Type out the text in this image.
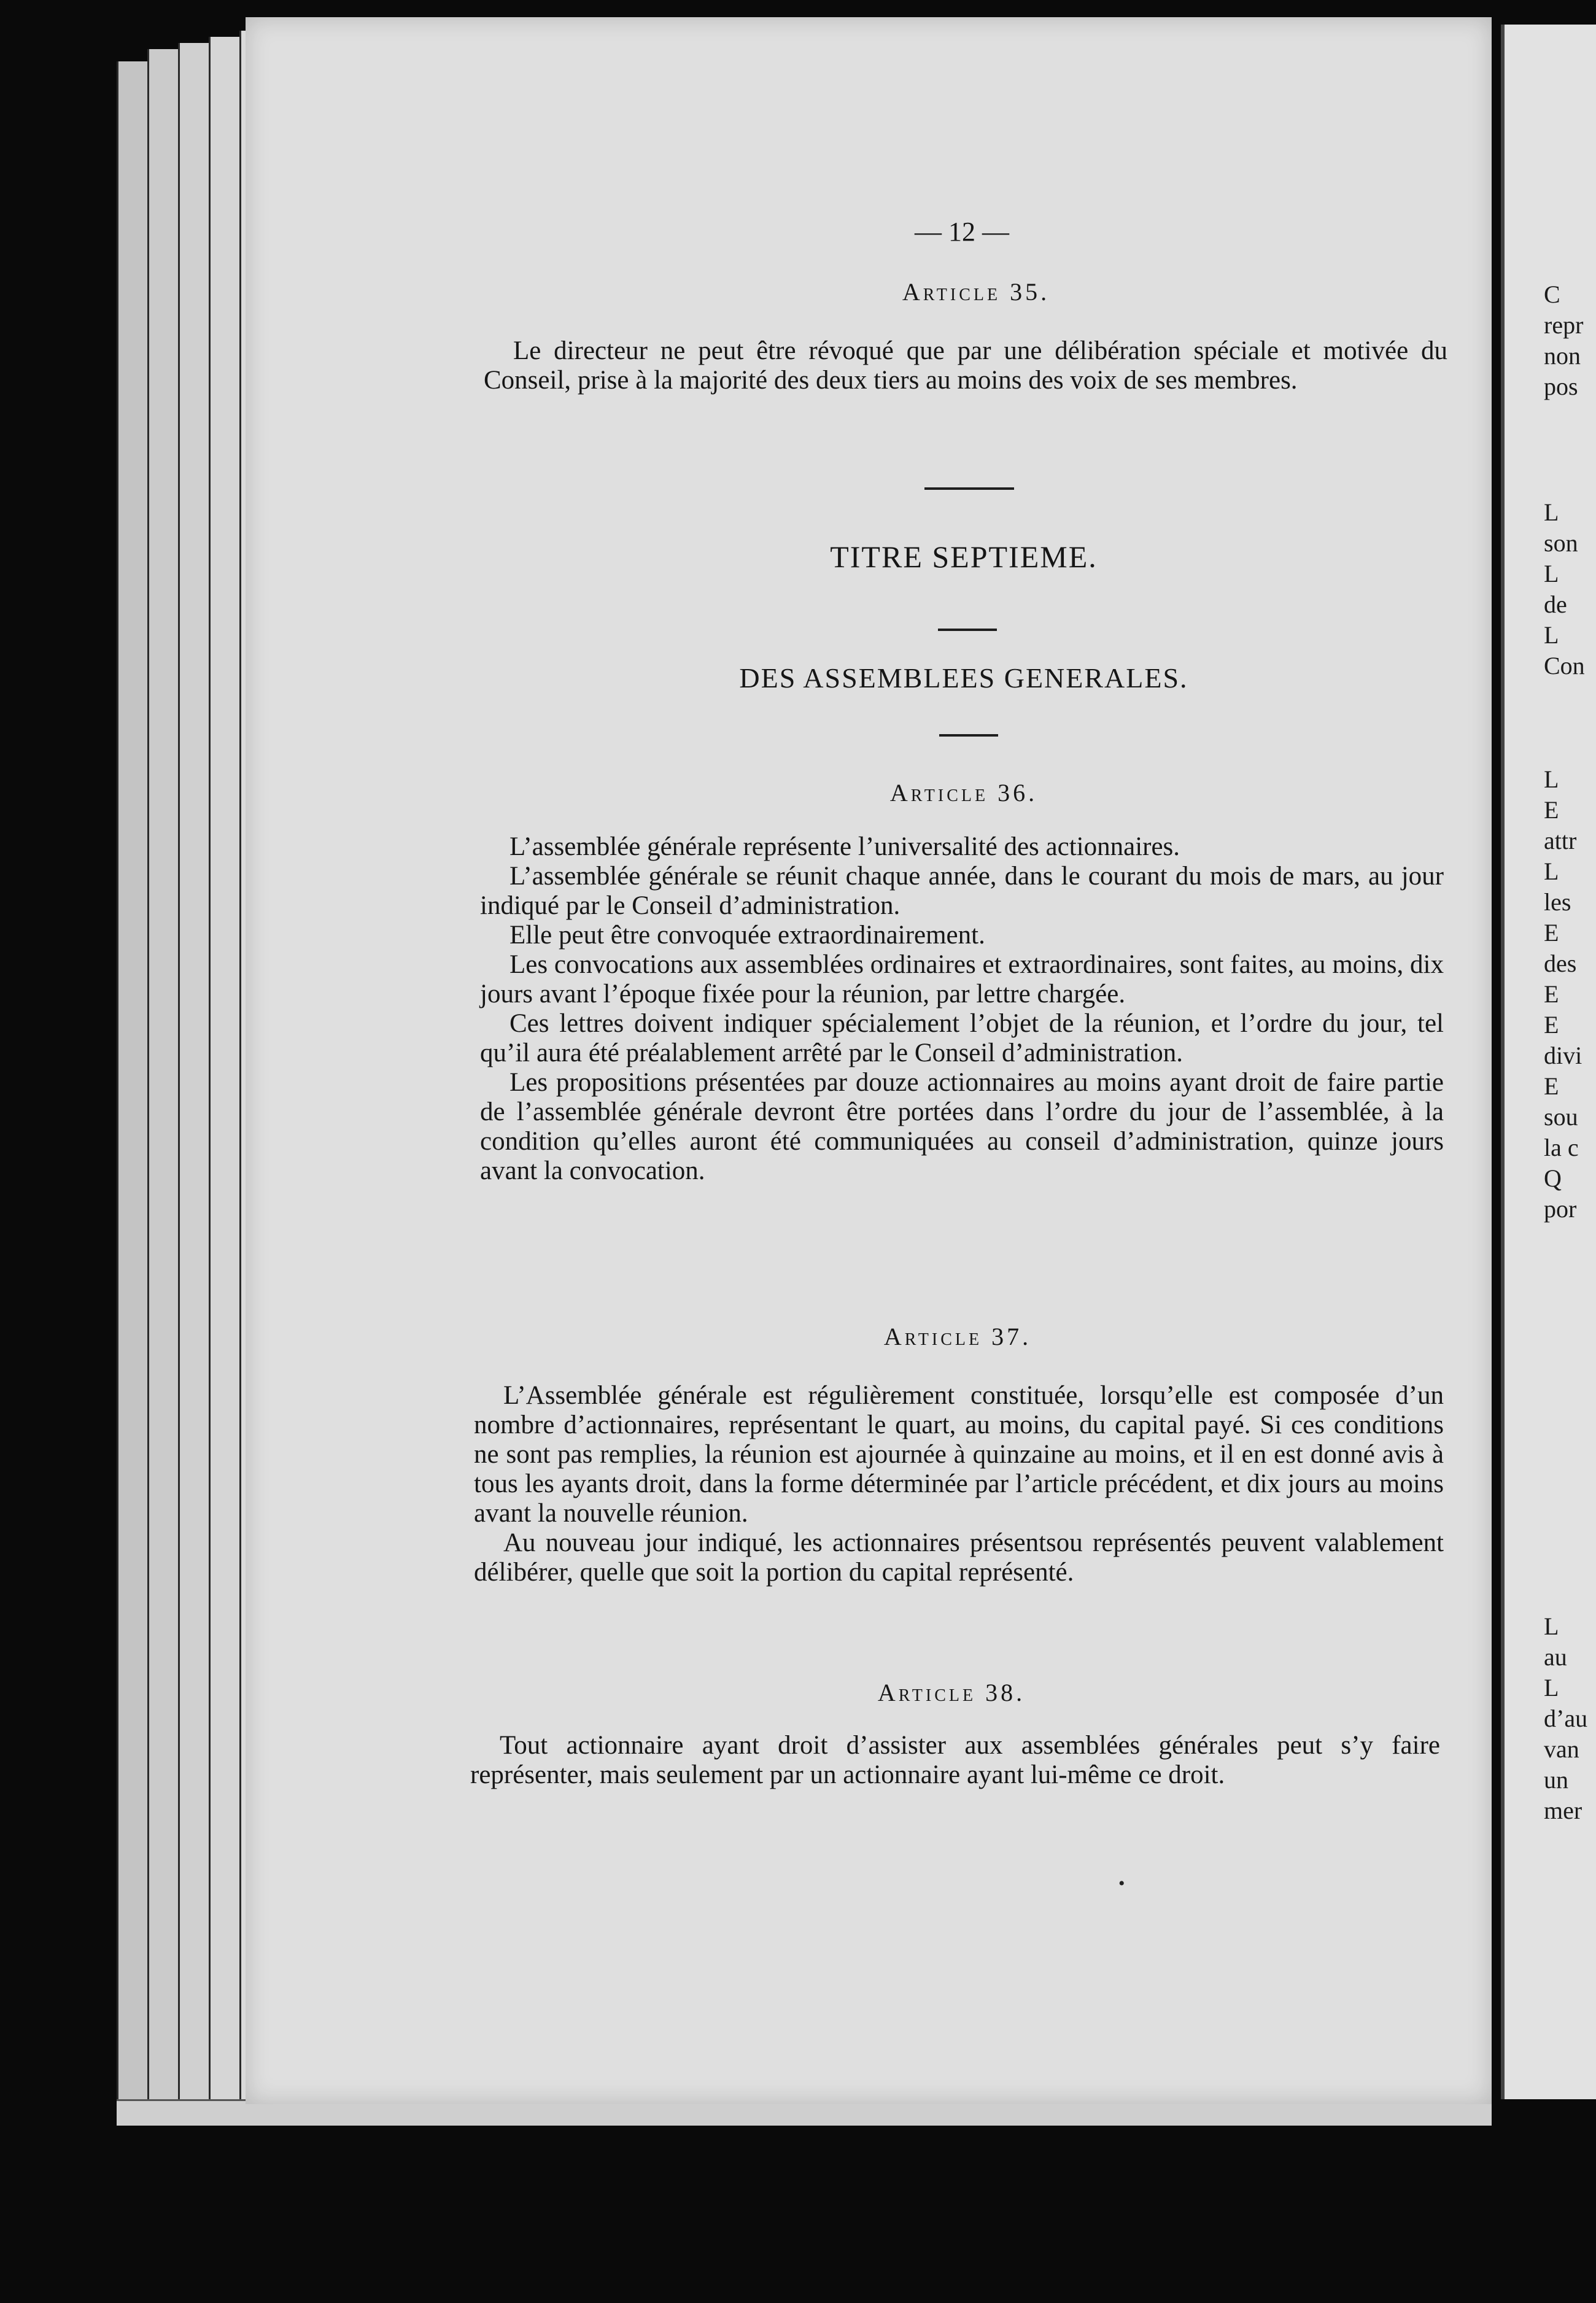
— 12 —
Article 35.

Le directeur ne peut être révoqué que par une délibération spéciale et motivée du Conseil, prise à la majorité des deux tiers au moins des voix de ses membres.

TITRE SEPTIEME.
DES ASSEMBLEES GENERALES.
Article 36.

L’assemblée générale représente l’universalité des actionnaires.

L’assemblée générale se réunit chaque année, dans le courant du mois de mars, au jour indiqué par le Conseil d’administration.

Elle peut être convoquée extraordinairement.

Les convocations aux assemblées ordinaires et extraordinaires, sont faites, au moins, dix jours avant l’époque fixée pour la réunion, par lettre chargée.

Ces lettres doivent indiquer spécialement l’objet de la réunion, et l’ordre du jour, tel qu’il aura été préalablement arrêté par le Conseil d’administration.

Les propositions présentées par douze actionnaires au moins ayant droit de faire partie de l’assemblée générale devront être portées dans l’ordre du jour de l’assemblée, à la condition qu’elles auront été communiquées au conseil d’administration, quinze jours avant la convocation.

Article 37.

L’Assemblée générale est régulièrement constituée, lorsqu’elle est composée d’un nombre d’actionnaires, représentant le quart, au moins, du capital payé. Si ces conditions ne sont pas remplies, la réunion est ajournée à quinzaine au moins, et il en est donné avis à tous les ayants droit, dans la forme déterminée par l’article précédent, et dix jours au moins avant la nouvelle réunion.

Au nouveau jour indiqué, les actionnaires présentsou représentés peuvent valablement délibérer, quelle que soit la portion du capital représenté.

Article 38.

Tout actionnaire ayant droit d’assister aux assemblées générales peut s’y faire représenter, mais seulement par un actionnaire ayant lui-même ce droit.

•
C
repr
non
pos
L
son
L
de
L
Con
L
E
attr
L
les
E
des
E
E
divi
E
sou
la c
Q
por
L
au
L
d’au
van
un
mer
